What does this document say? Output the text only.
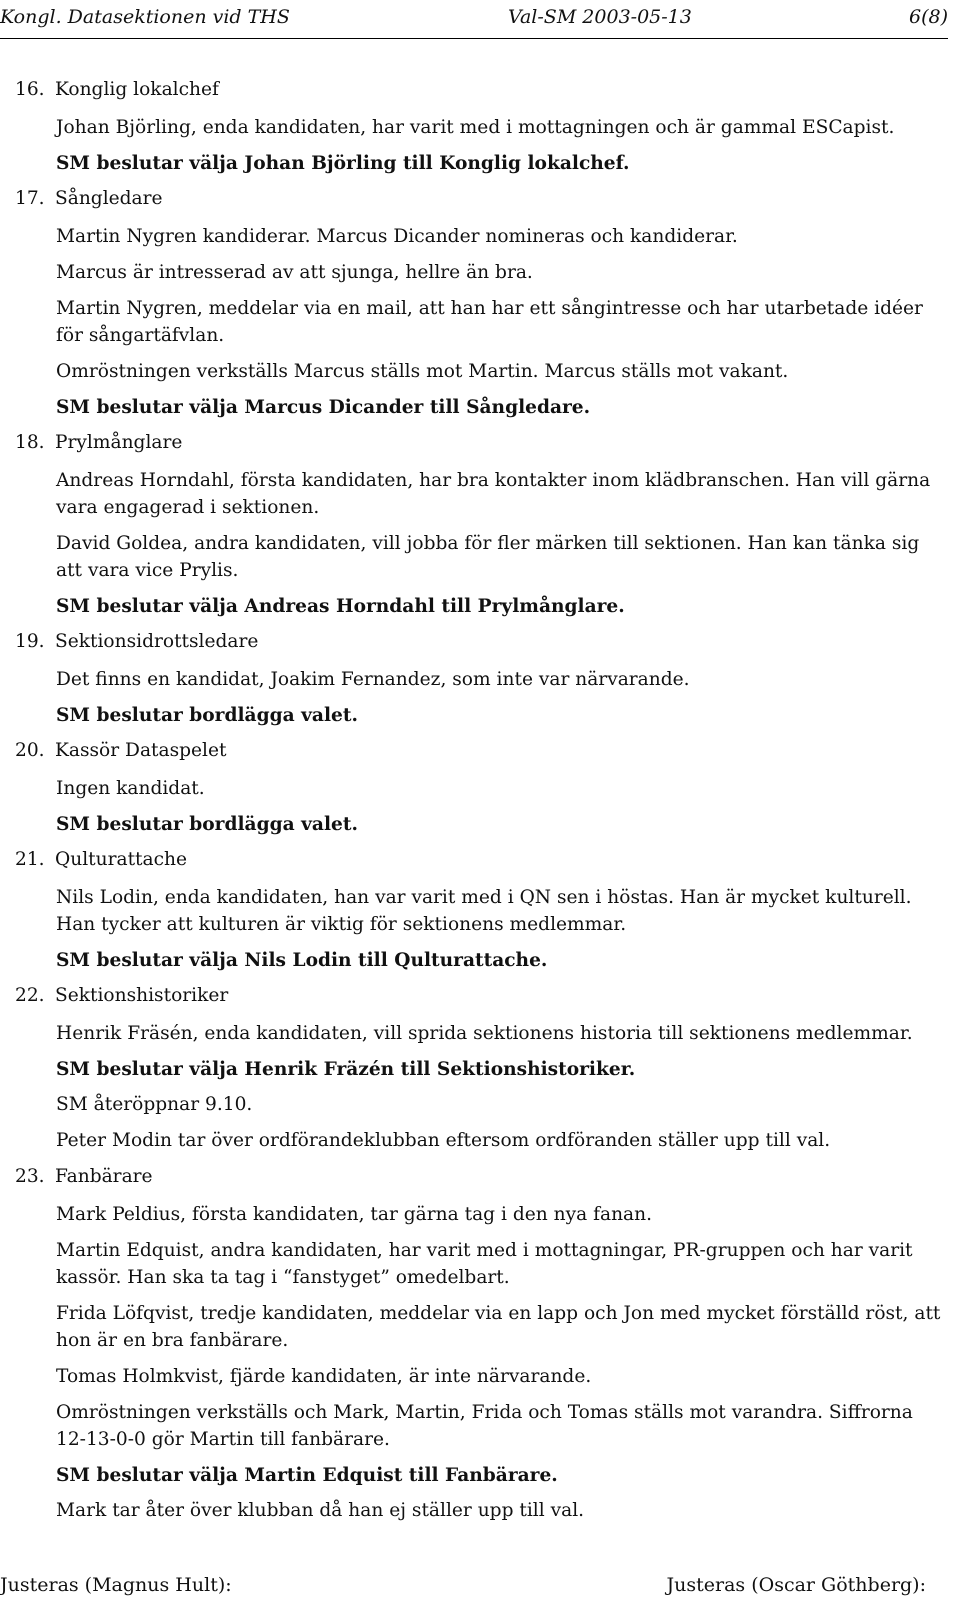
Kongl. Datasektionen vid THS	Val-SM 2003-05-13	6(8)
16. Konglig lokalchef
Johan Björling, enda kandidaten, har varit med i mottagningen och är gammal ESCapist.
SM beslutar välja Johan Björling till Konglig lokalchef.
17. Sångledare
Martin Nygren kandiderar. Marcus Dicander nomineras och kandiderar.
Marcus är intresserad av att sjunga, hellre än bra.
Martin Nygren, meddelar via en mail, att han har ett sångintresse och har utarbetade idéer för sångartäfvlan.
Omröstningen verkställs Marcus ställs mot Martin. Marcus ställs mot vakant.
SM beslutar välja Marcus Dicander till Sångledare.
18. Prylmånglare
Andreas Horndahl, första kandidaten, har bra kontakter inom klädbranschen. Han vill gärna vara engagerad i sektionen.
David Goldea, andra kandidaten, vill jobba för fler märken till sektionen. Han kan tänka sig att vara vice Prylis.
SM beslutar välja Andreas Horndahl till Prylmånglare.
19. Sektionsidrottsledare
Det finns en kandidat, Joakim Fernandez, som inte var närvarande.
SM beslutar bordlägga valet.
20. Kassör Dataspelet
Ingen kandidat.
SM beslutar bordlägga valet.
21. Qulturattache
Nils Lodin, enda kandidaten, han var varit med i QN sen i höstas. Han är mycket kulturell. Han tycker att kulturen är viktig för sektionens medlemmar.
SM beslutar välja Nils Lodin till Qulturattache.
22. Sektionshistoriker
Henrik Fräsén, enda kandidaten, vill sprida sektionens historia till sektionens medlemmar.
SM beslutar välja Henrik Fräzén till Sektionshistoriker.
SM återöppnar 9.10.
Peter Modin tar över ordförandeklubban eftersom ordföranden ställer upp till val.
23. Fanbärare
Mark Peldius, första kandidaten, tar gärna tag i den nya fanan.
Martin Edquist, andra kandidaten, har varit med i mottagningar, PR-gruppen och har varit kassör. Han ska ta tag i “fanstyget” omedelbart.
Frida Löfqvist, tredje kandidaten, meddelar via en lapp och Jon med mycket förställd röst, att hon är en bra fanbärare.
Tomas Holmkvist, fjärde kandidaten, är inte närvarande.
Omröstningen verkställs och Mark, Martin, Frida och Tomas ställs mot varandra. Siffrorna 12-13-0-0 gör Martin till fanbärare.
SM beslutar välja Martin Edquist till Fanbärare.
Mark tar åter över klubban då han ej ställer upp till val.
Justeras (Magnus Hult):	Justeras (Oscar Göthberg):
